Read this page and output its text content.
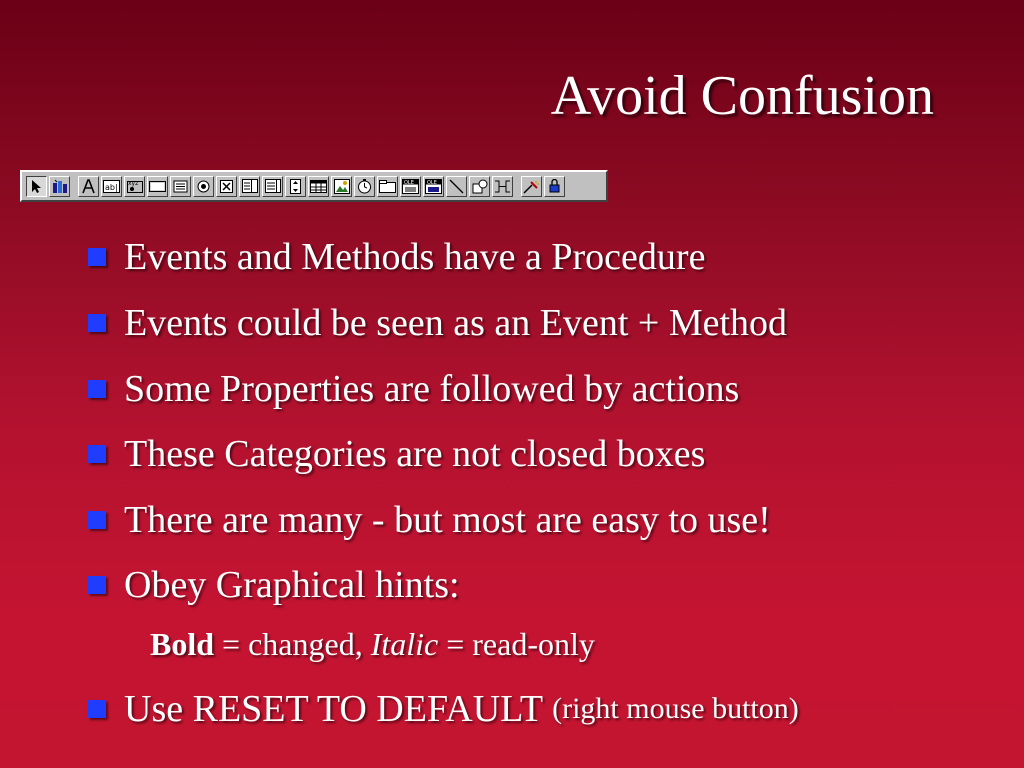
Avoid Confusion
ab| xyz	OLE	OLE
Events and Methods have a Procedure
Events could be seen as an Event + Method
Some Properties are followed by actions
These Categories are not closed boxes
There are many - but most are easy to use!
Obey Graphical hints:
Use RESET TO DEFAULT (right mouse button)
Bold = changed, Italic = read-only
